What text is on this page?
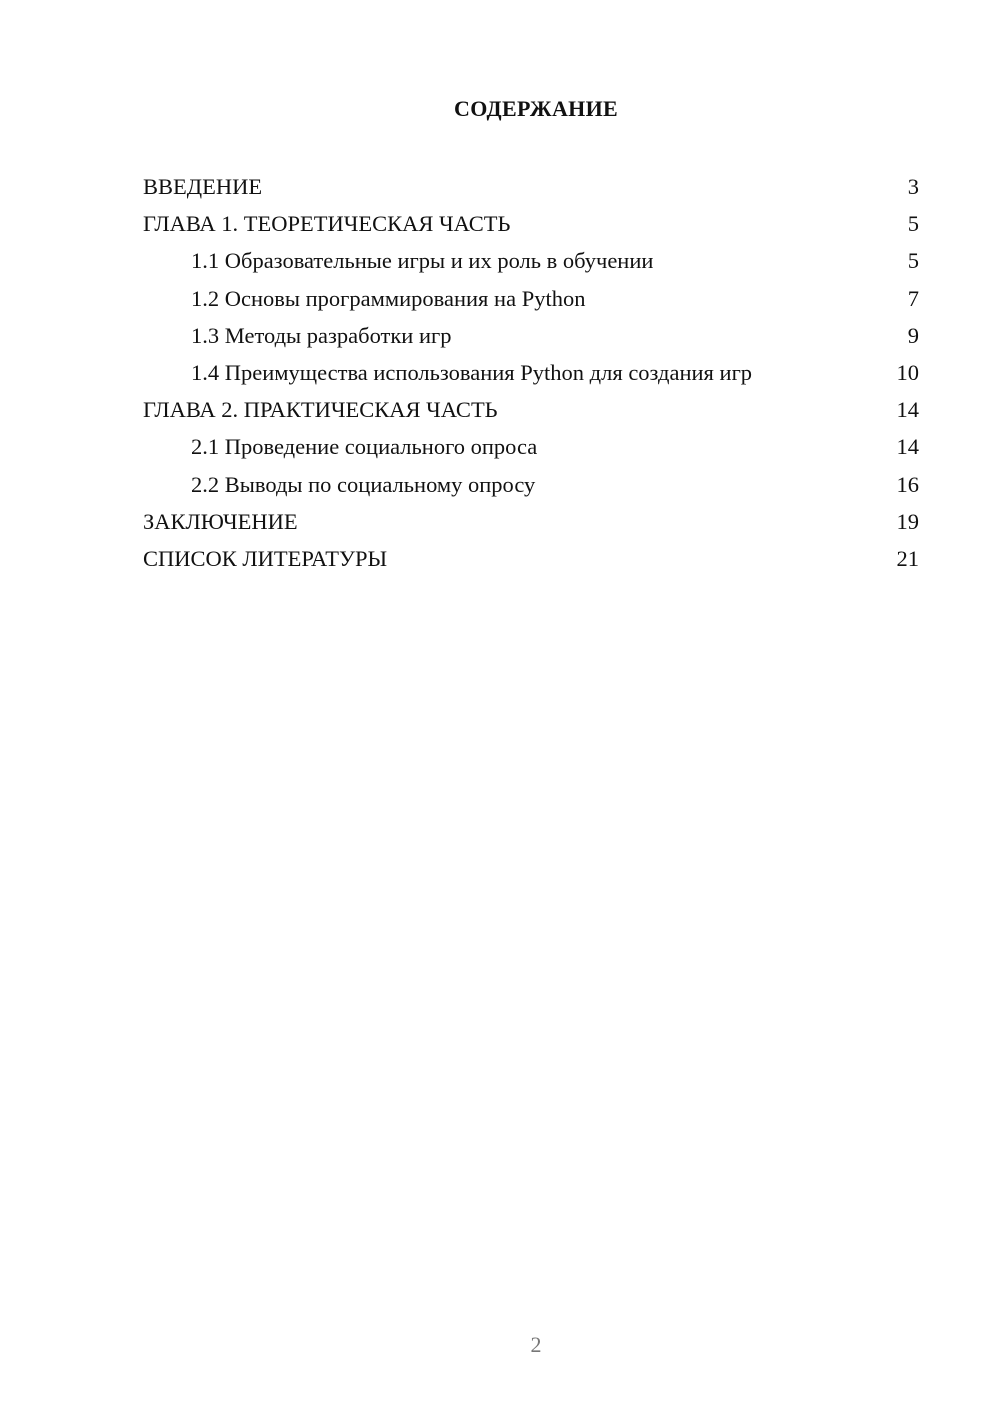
СОДЕРЖАНИЕ
ВВЕДЕНИЕ	3
ГЛАВА 1. ТЕОРЕТИЧЕСКАЯ ЧАСТЬ	5
1.1 Образовательные игры и их роль в обучении	5
1.2 Основы программирования на Python	7
1.3 Методы разработки игр	9
1.4 Преимущества использования Python для создания игр	10
ГЛАВА 2. ПРАКТИЧЕСКАЯ ЧАСТЬ	14
2.1 Проведение социального опроса	14
2.2 Выводы по социальному опросу	16
ЗАКЛЮЧЕНИЕ	19
СПИСОК ЛИТЕРАТУРЫ	21
2
